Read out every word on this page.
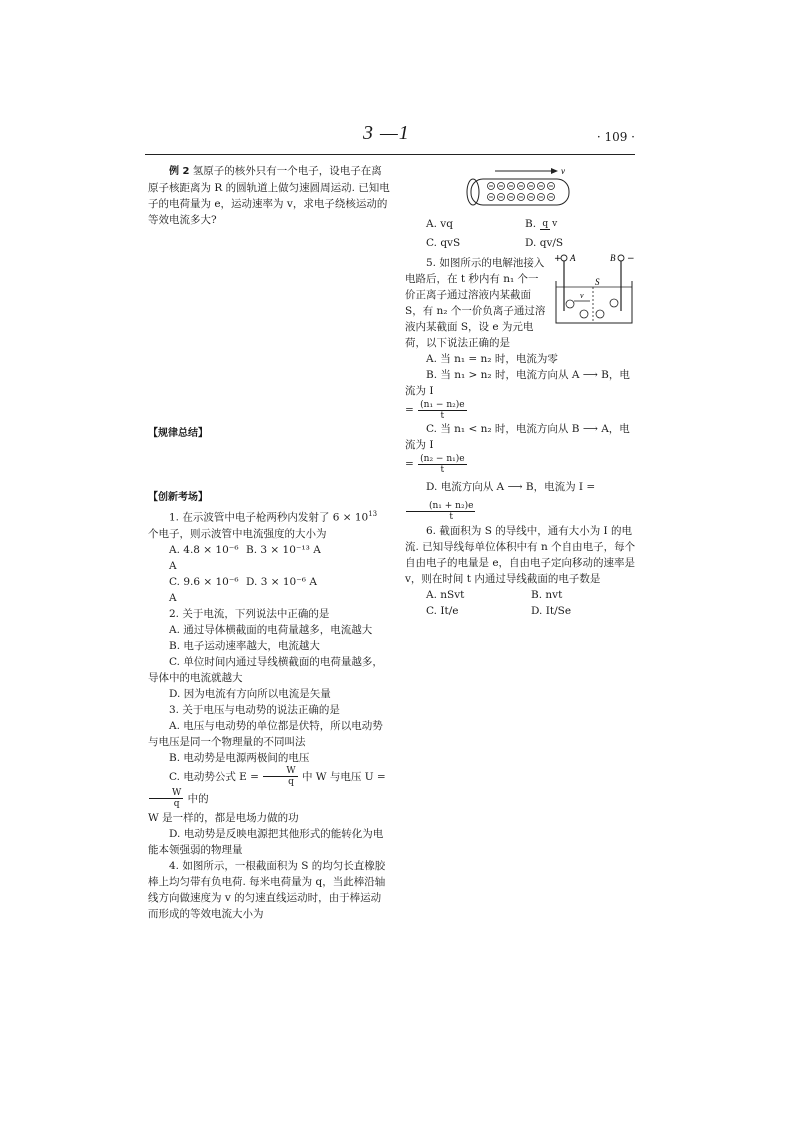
3 —1	· 109 ·

例 2 氢原子的核外只有一个电子，设电子在离原子核距离为 R 的圆轨道上做匀速圆周运动. 已知电子的电荷量为 e，运动速率为 v，求电子绕核运动的等效电流多大?

【规律总结】

【创新考场】

1. 在示波管中电子枪两秒内发射了 $6 \times 10^{13}$ 个电子，则示波管中电流强度的大小为

A. 4.8 × 10⁻⁶ A
B. 3 × 10⁻¹³ A
C. 9.6 × 10⁻⁶ A
D. 3 × 10⁻⁶ A

2. 关于电流，下列说法中正确的是

A. 通过导体横截面的电荷量越多，电流越大

B. 电子运动速率越大，电流越大

C. 单位时间内通过导线横截面的电荷量越多，导体中的电流就越大

D. 因为电流有方向所以电流是矢量

3. 关于电压与电动势的说法正确的是

A. 电压与电动势的单位都是伏特，所以电动势与电压是同一个物理量的不同叫法

B. 电动势是电源两极间的电压

C. 电动势公式 $E = \frac{W}{q}$ 中 W 与电压 U =
$\frac{W}{q}$ 中的

W 是一样的，都是电场力做的功

D. 电动势是反映电源把其他形式的能转化为电能本领强弱的物理量

4. 如图所示，一根截面积为 S 的均匀长直橡胶棒上均匀带有负电荷. 每米电荷量为 q，当此棒沿轴线方向做速度为 v 的匀速直线运动时，由于棒运动而形成的等效电流大小为

v
A. vq	B. q v
C. qvS	D. qv/S
+ A	B −
S
v

5. 如图所示的电解池接入电路后，在 t 秒内有 n₁ 个一价正离子通过溶液内某截面 S，有 n₂ 个一价负离子通过溶液内某截面 S，设 e 为元电荷，以下说法正确的是

A. 当 n₁ = n₂ 时，电流为零

B. 当 n₁ > n₂ 时，电流方向从 A ⟶ B，电流为 I

= $\frac{\text{(n₁ − n₂)e}}{t}$

C. 当 n₁ < n₂ 时，电流方向从 B ⟶ A，电流为 I

= $\frac{\text{(n₂ − n₁)e}}{t}$

D. 电流方向从 A ⟶ B，电流为 I =
$\frac{\text{(n₁ + n₂)e}}{t}$

6. 截面积为 S 的导线中，通有大小为 I 的电流. 已知导线每单位体积中有 n 个自由电子，每个自由电子的电量是 e，自由电子定向移动的速率是 v，则在时间 t 内通过导线截面的电子数是

A. nSvt	B. nvt
C. It/e	D. It/Se
